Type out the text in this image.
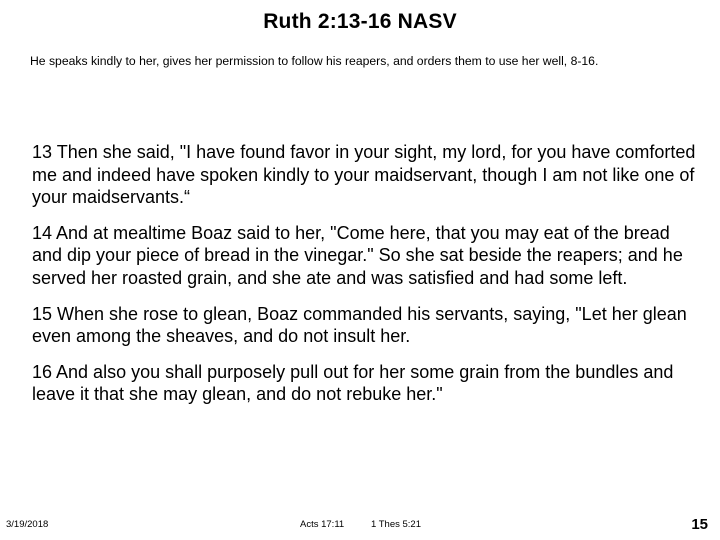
Ruth 2:13-16 NASV
He speaks kindly to her, gives her permission to follow his reapers, and orders them to use her well, 8-16.

13 Then she said, "I have found favor in your sight, my lord, for you have comforted me and indeed have spoken kindly to your maidservant, though I am not like one of your maidservants.“

14 And at mealtime Boaz said to her, "Come here, that you may eat of the bread and dip your piece of bread in the vinegar." So she sat beside the reapers; and he served her roasted grain, and she ate and was satisfied and had some left.

15 When she rose to glean, Boaz commanded his servants, saying, "Let her glean even among the sheaves, and do not insult her.

16 And also you shall purposely pull out for her some grain from the bundles and leave it that she may glean, and do not rebuke her."

3/19/2018	Acts 17:11	1 Thes 5:21	15
